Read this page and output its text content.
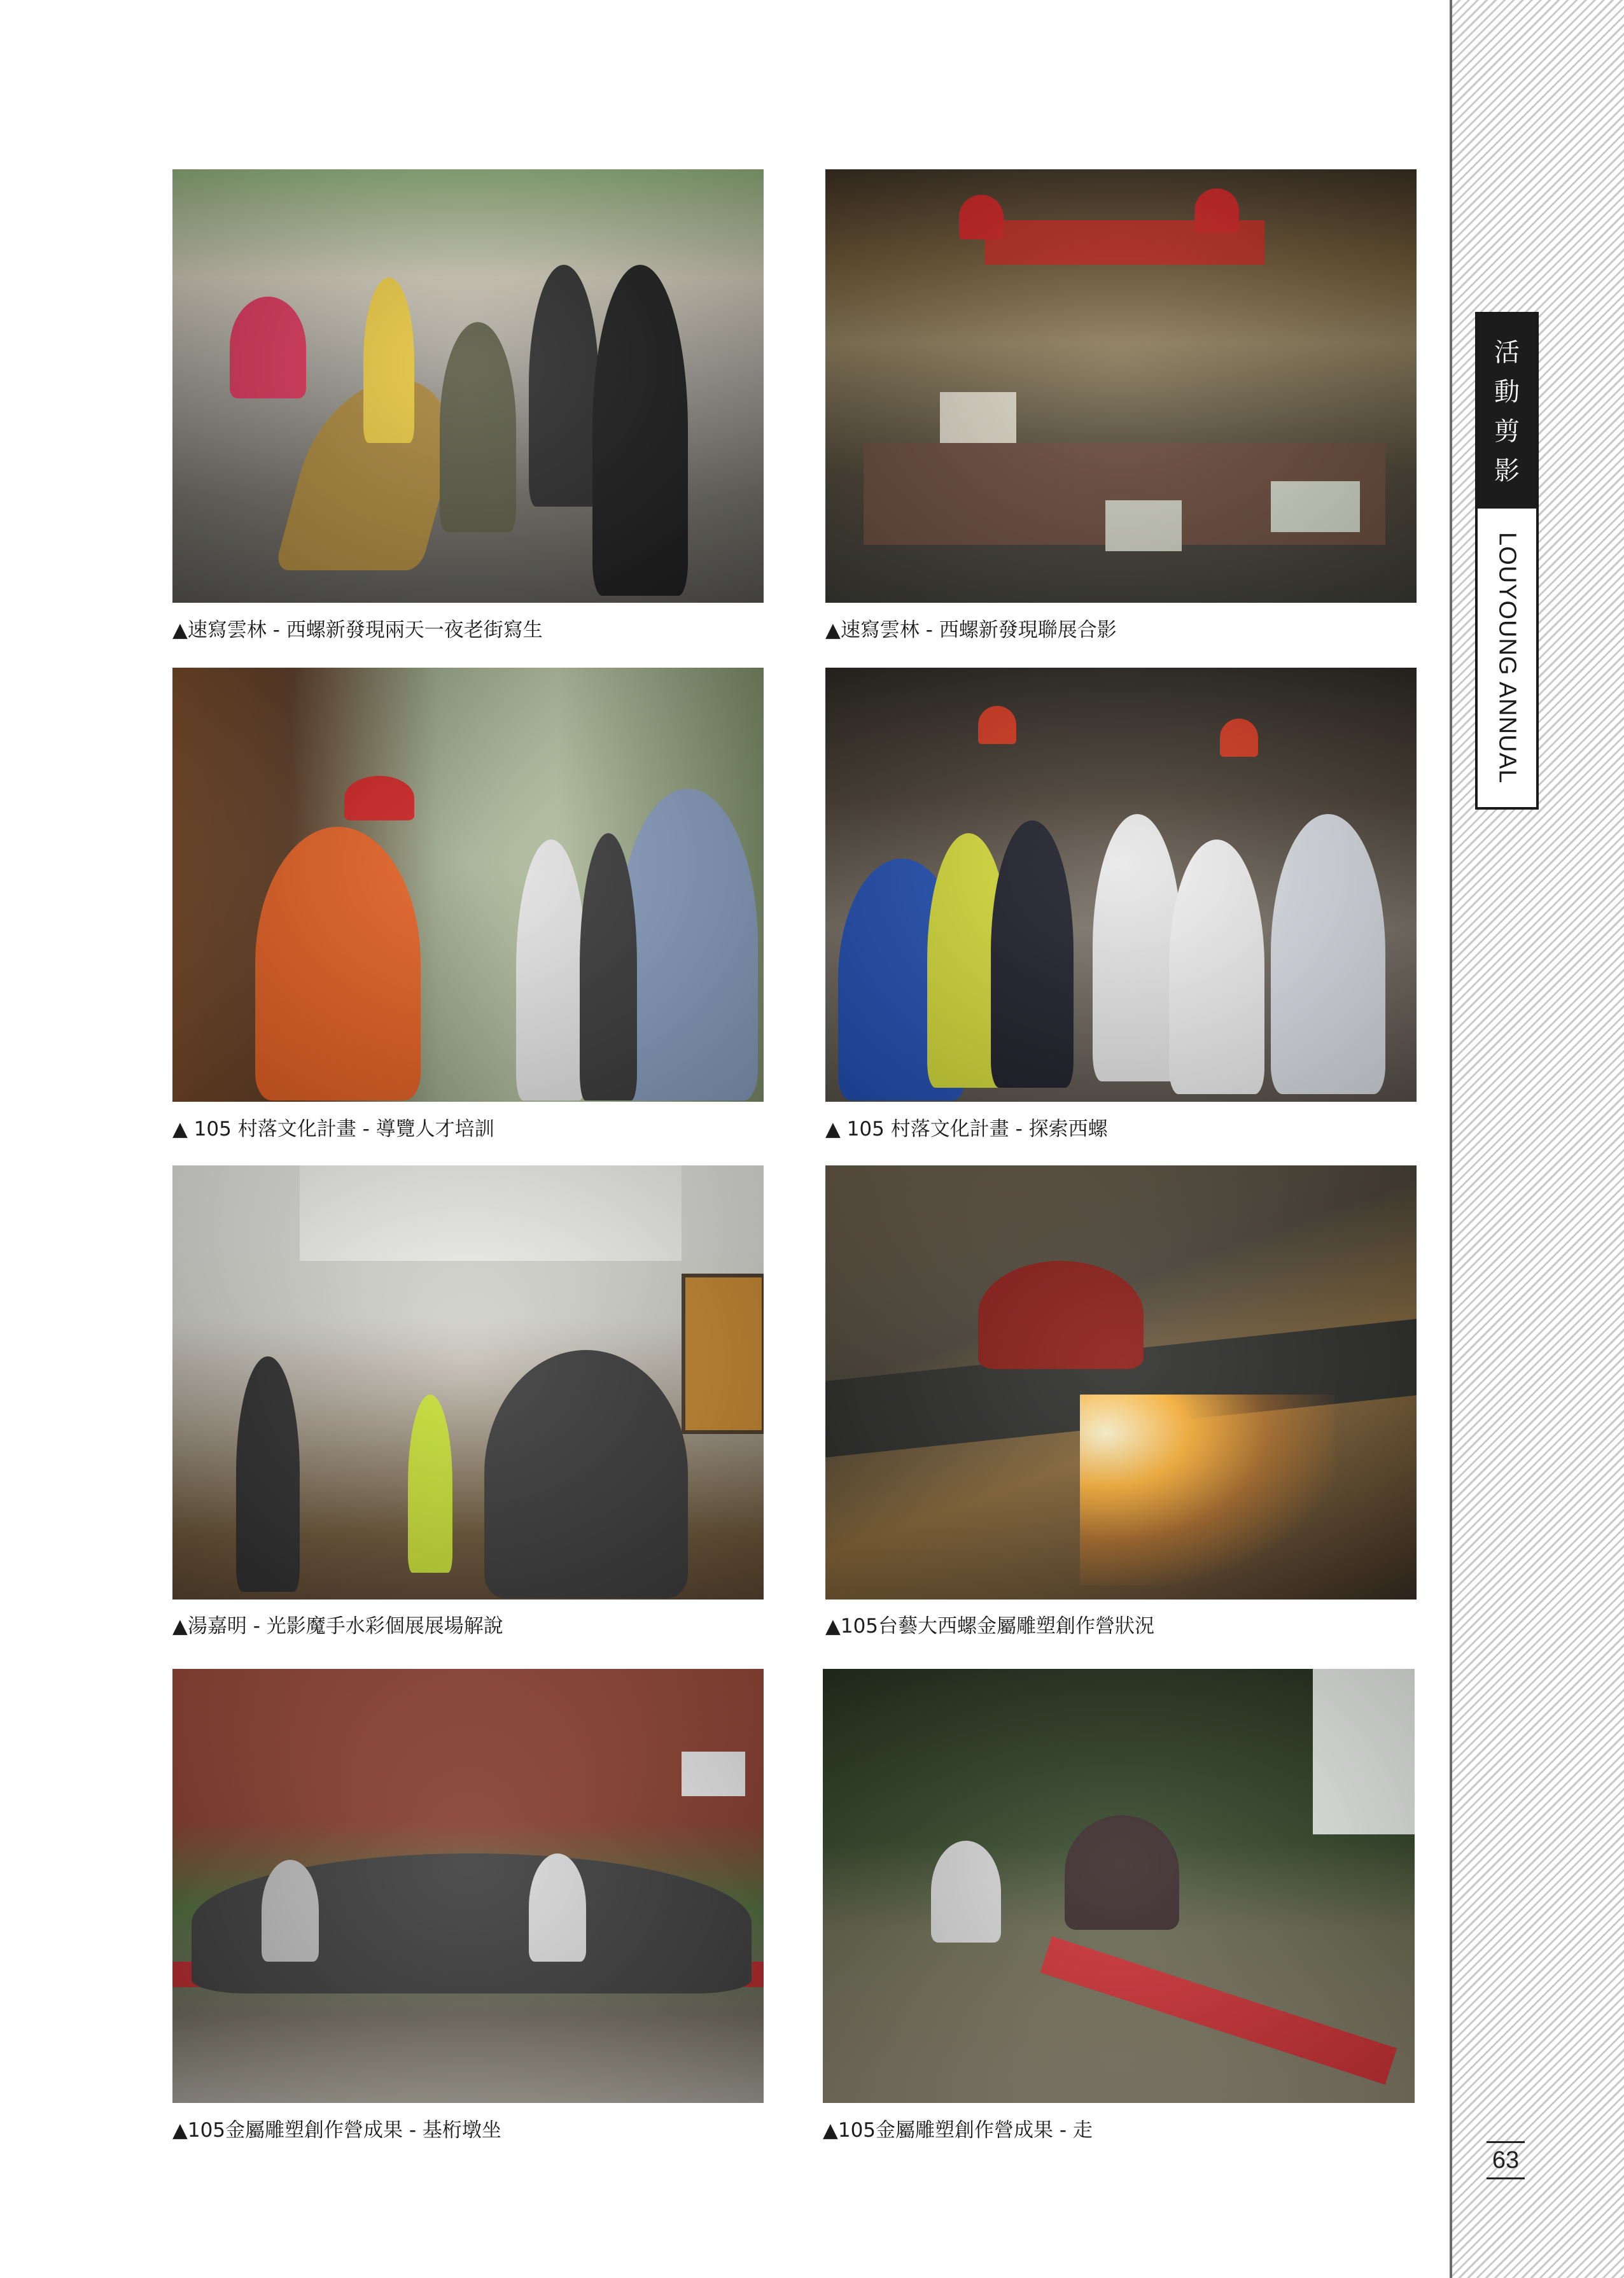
活
動
剪
影
LOUYOUNG ANNUAL
63
▲速寫雲林 - 西螺新發現兩天一夜老街寫生	▲速寫雲林 - 西螺新發現聯展合影
▲ 105 村落文化計畫 - 導覽人才培訓	▲ 105 村落文化計畫 - 探索西螺
▲湯嘉明 - 光影魔手水彩個展展場解說	▲105台藝大西螺金屬雕塑創作營狀況
▲105金屬雕塑創作營成果 - 基桁墩坐	▲105金屬雕塑創作營成果 - 走
